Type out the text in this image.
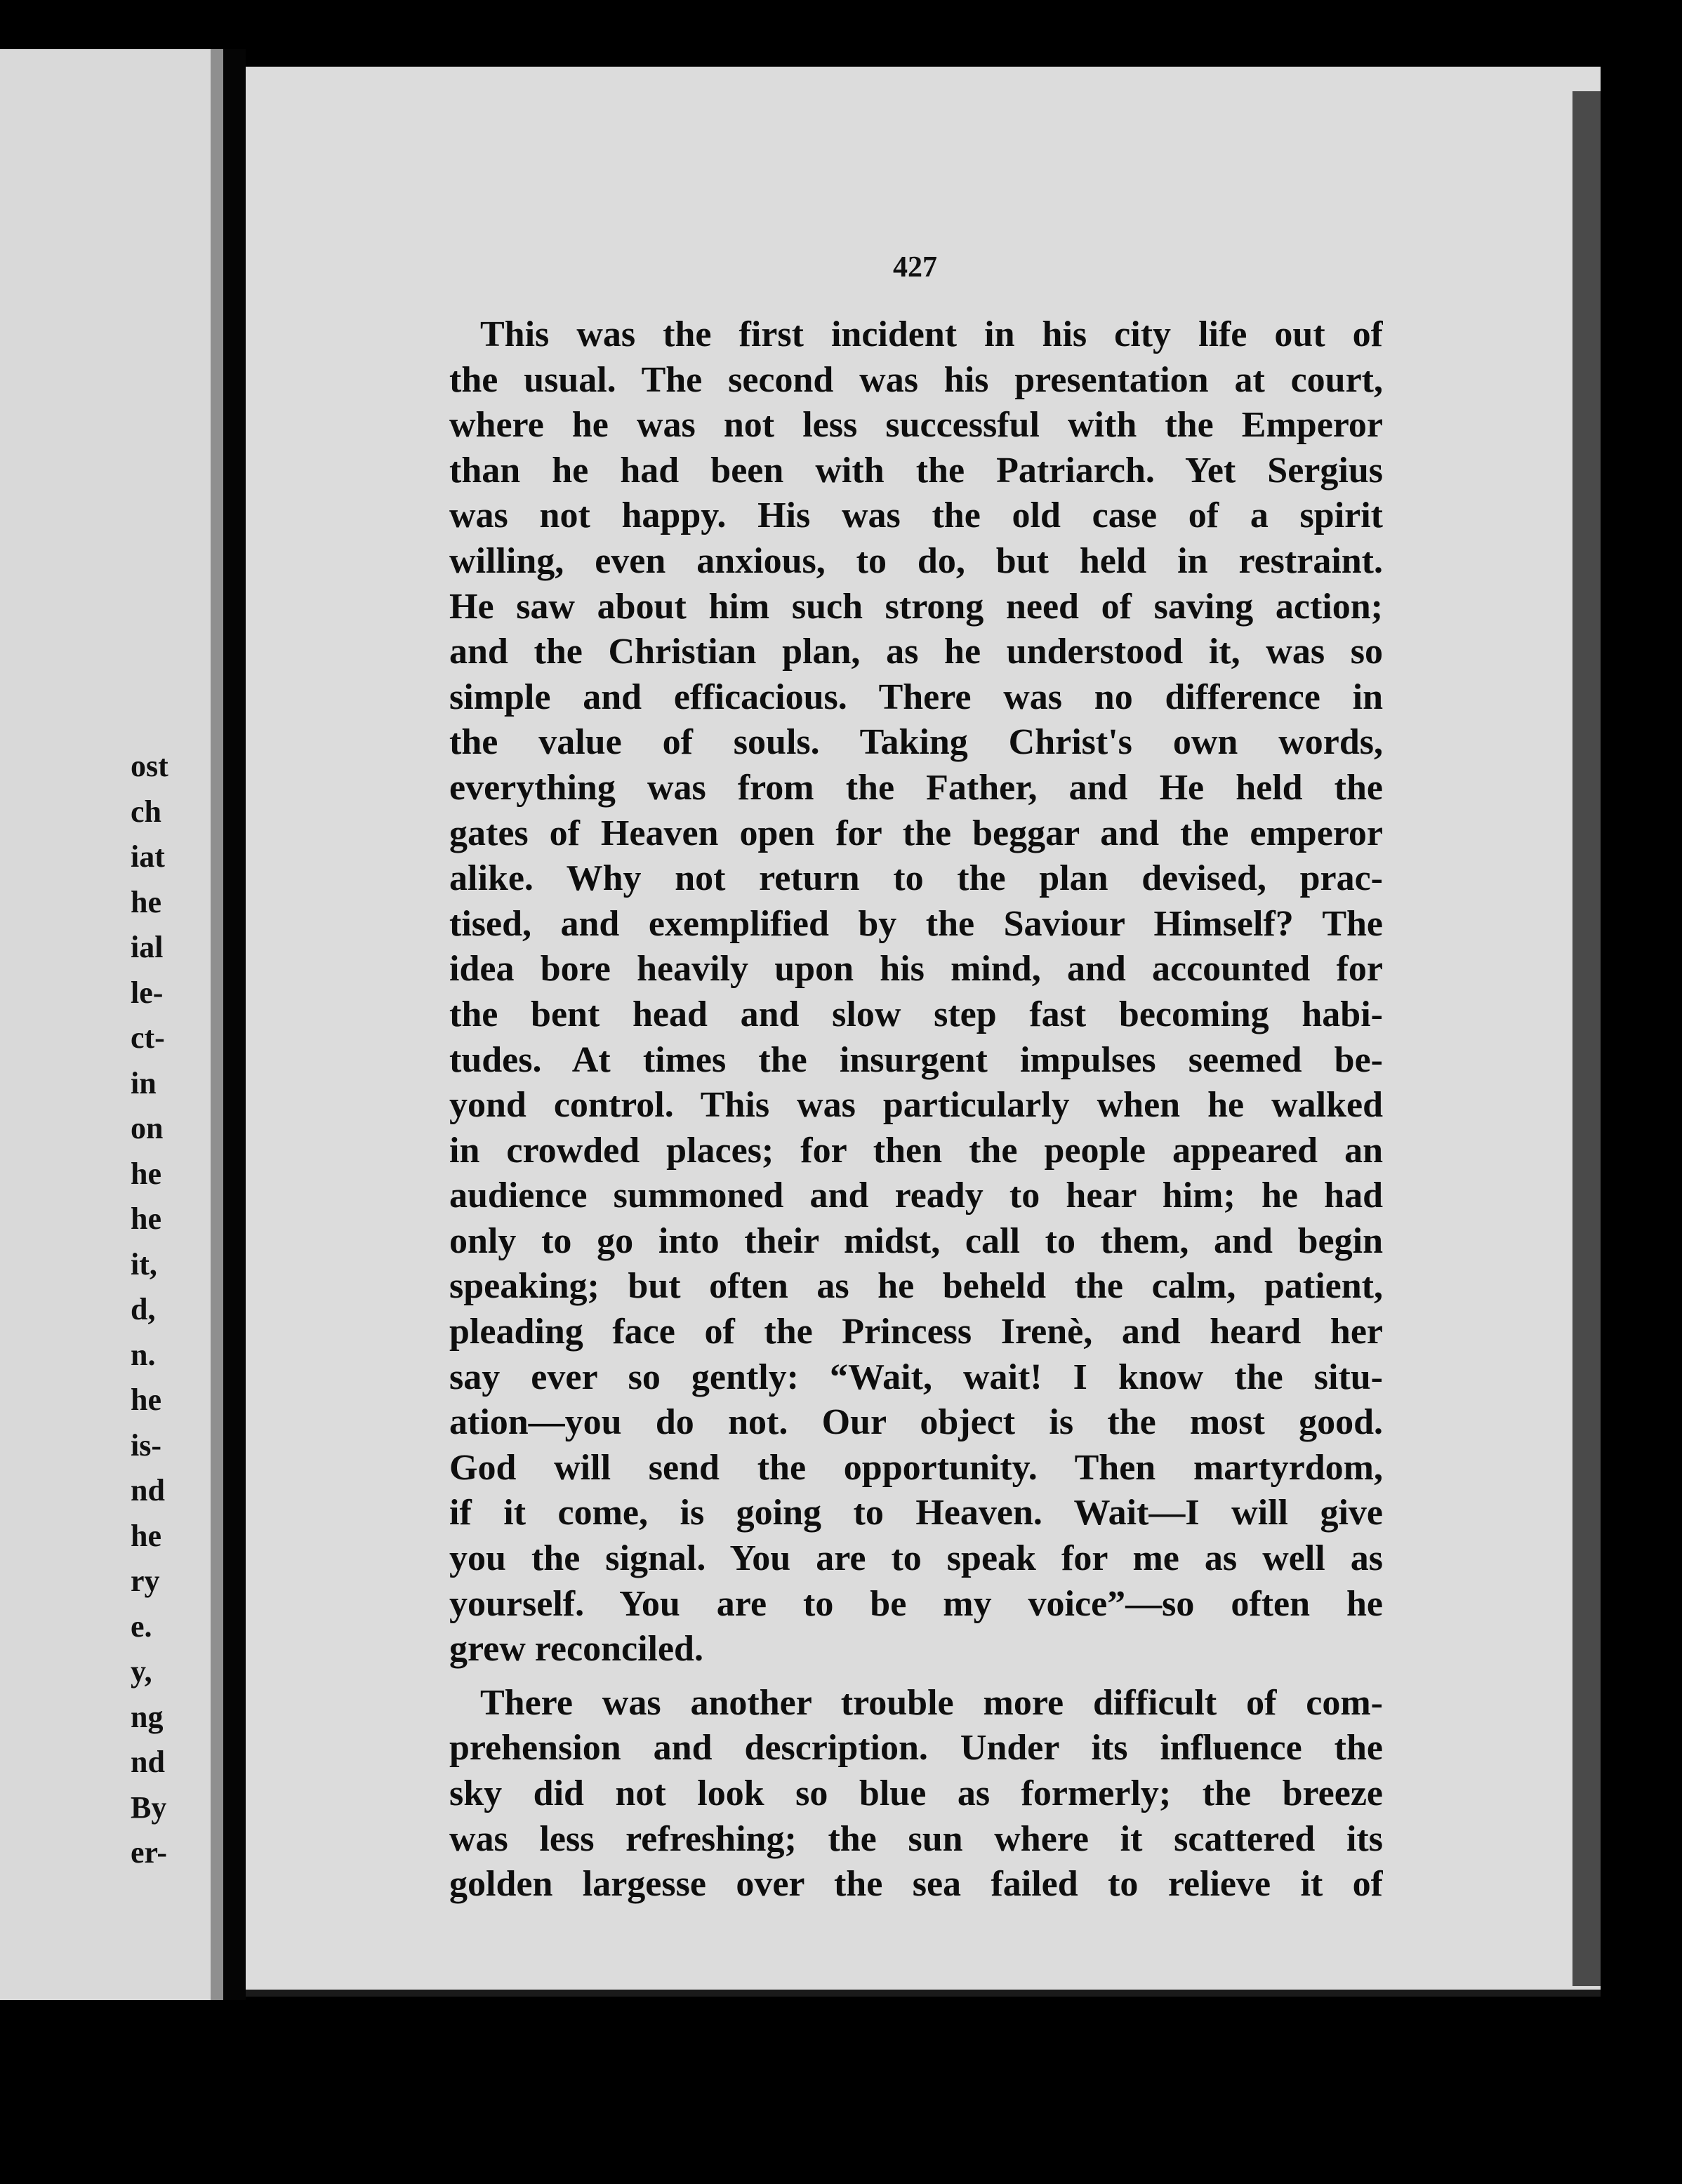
ost
ch
iat
he
ial
le-
ct-
in
on
he
he
it,
d,
n.
he
is-
nd
he
ry
e.
y,
ng
nd
By
er-
427
This was the first incident in his city life out of
the usual. The second was his presentation at court,
where he was not less successful with the Emperor
than he had been with the Patriarch. Yet Sergius
was not happy. His was the old case of a spirit
willing, even anxious, to do, but held in restraint.
He saw about him such strong need of saving action;
and the Christian plan, as he understood it, was so
simple and efficacious. There was no difference in
the value of souls. Taking Christ's own words,
everything was from the Father, and He held the
gates of Heaven open for the beggar and the emperor
alike. Why not return to the plan devised, prac-
tised, and exemplified by the Saviour Himself? The
idea bore heavily upon his mind, and accounted for
the bent head and slow step fast becoming habi-
tudes. At times the insurgent impulses seemed be-
yond control. This was particularly when he walked
in crowded places; for then the people appeared an
audience summoned and ready to hear him; he had
only to go into their midst, call to them, and begin
speaking; but often as he beheld the calm, patient,
pleading face of the Princess Irenè, and heard her
say ever so gently: “Wait, wait! I know the situ-
ation—you do not. Our object is the most good.
God will send the opportunity. Then martyrdom,
if it come, is going to Heaven. Wait—I will give
you the signal. You are to speak for me as well as
yourself. You are to be my voice”—so often he
grew reconciled.
There was another trouble more difficult of com-
prehension and description. Under its influence the
sky did not look so blue as formerly; the breeze
was less refreshing; the sun where it scattered its
golden largesse over the sea failed to relieve it of
